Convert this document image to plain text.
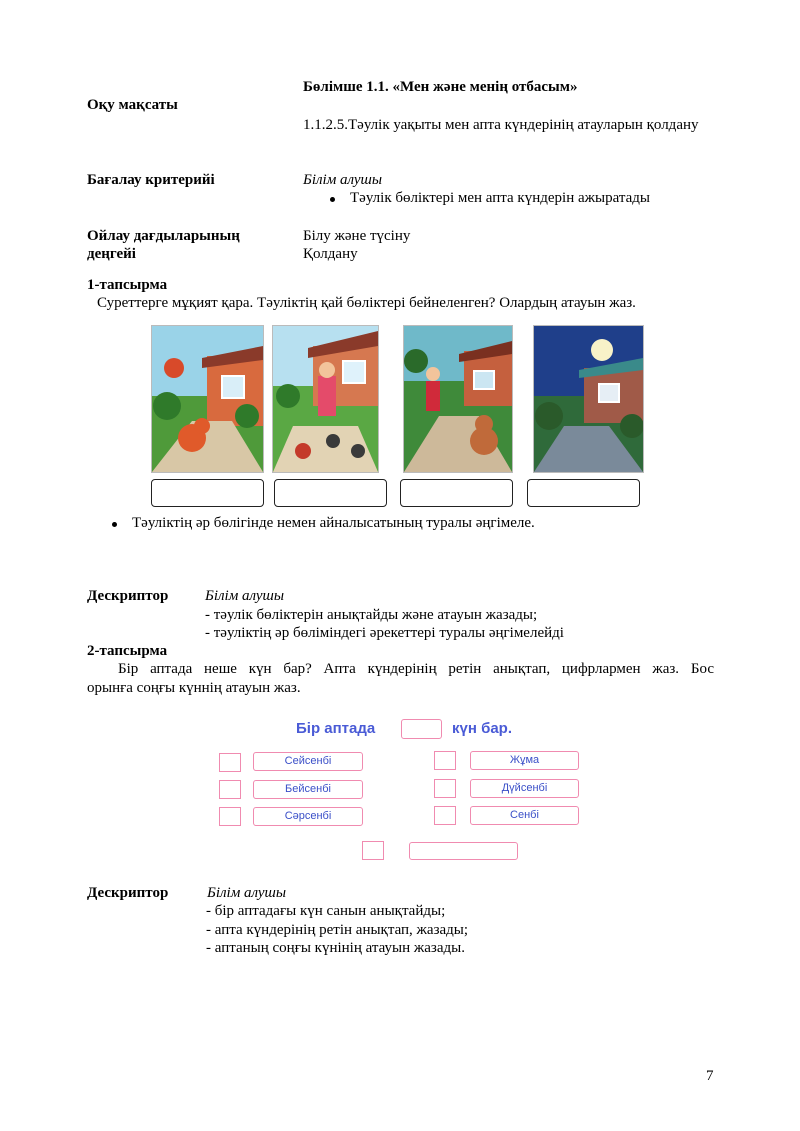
Бөлімше 1.1. «Мен және менің отбасым»
Оқу мақсаты
1.1.2.5.Тәулік уақыты мен апта күндерінің атауларын қолдану
Бағалау критерийі	Білім алушы
Тәулік бөліктері мен апта күндерін ажыратады
Ойлау дағдыларының
деңгейі
Білу және түсіну
Қолдану
1-тапсырма
Суреттерге мұқият қара. Тәуліктің қай бөліктері бейнеленген? Олардың атауын жаз.
Тәуліктің әр бөлігінде немен айналысатының туралы әңгімеле.
Дескриптор Білім алушы
- тәулік бөліктерін анықтайды және атауын жазады;
- тәуліктің әр бөліміндегі әрекеттері туралы әңгімелейді
2-тапсырма
Бір аптада неше күн бар? Апта күндерінің ретін анықтап, цифрлармен жаз. Бос
орынға соңғы күннің атауын жаз.
Бір аптада	күн бар.
Сейсенбі
Бейсенбі
Сәрсенбі
Жұма
Дүйсенбі
Сенбі
Дескриптор	Білім алушы
- бір аптадағы күн санын анықтайды;
- апта күндерінің ретін анықтап, жазады;
- аптаның соңғы күнінің атауын жазады.
7
